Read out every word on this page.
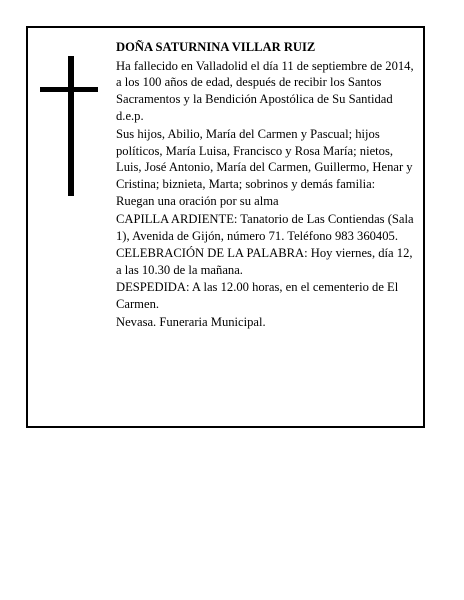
DOÑA SATURNINA VILLAR RUIZ

Ha fallecido en Valladolid el día 11 de septiembre de 2014, a los 100 años de edad, después de recibir los Santos Sacramentos y la Bendición Apostólica de Su Santidad

d.e.p.

Sus hijos, Abilio, María del Carmen y Pascual; hijos políticos, María Luisa, Francisco y Rosa María; nietos, Luis, José Antonio, María del Carmen, Guillermo, Henar y Cristina; biznieta, Marta; sobrinos y demás familia:

Ruegan una oración por su alma

CAPILLA ARDIENTE: Tanatorio de Las Contiendas (Sala 1), Avenida de Gijón, número 71. Teléfono 983 360405.

CELEBRACIÓN DE LA PALABRA: Hoy viernes, día 12, a las 10.30 de la mañana.

DESPEDIDA: A las 12.00 horas, en el cementerio de El Carmen.

Nevasa. Funeraria Municipal.
